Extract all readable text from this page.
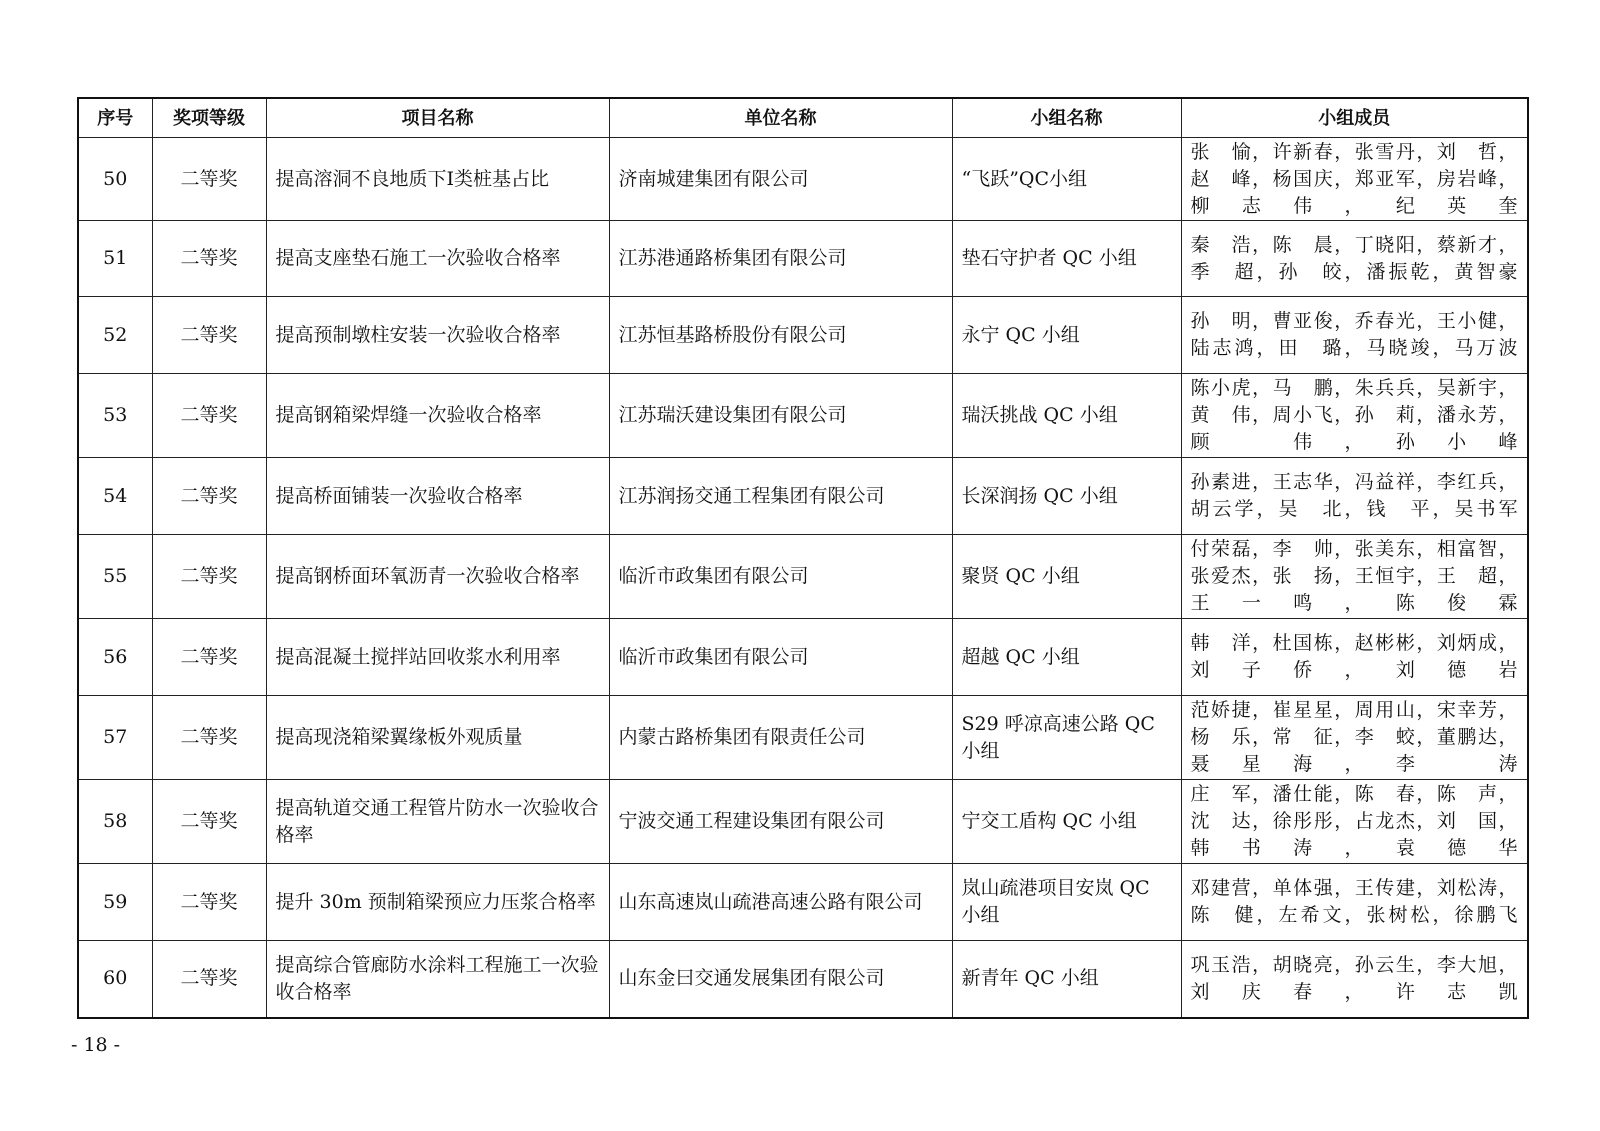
序号	奖项等级	项目名称	单位名称	小组名称	小组成员
50	二等奖	提高溶洞不良地质下I类桩基占比	济南城建集团有限公司	“飞跃”QC小组	张　愉，许新春，张雪丹，刘　哲，
赵　峰，杨国庆，郑亚军，房岩峰，
柳志伟，纪英奎

51	二等奖	提高支座垫石施工一次验收合格率	江苏港通路桥集团有限公司	垫石守护者 QC 小组	秦　浩，陈　晨，丁晓阳，蔡新才，
季　超，孙　皎，潘振乾，黄智豪

52	二等奖	提高预制墩柱安装一次验收合格率	江苏恒基路桥股份有限公司	永宁 QC 小组	孙　明，曹亚俊，乔春光，王小健，
陆志鸿，田　璐，马晓竣，马万波

53	二等奖	提高钢箱梁焊缝一次验收合格率	江苏瑞沃建设集团有限公司	瑞沃挑战 QC 小组	陈小虎，马　鹏，朱兵兵，吴新宇，
黄　伟，周小飞，孙　莉，潘永芳，
顾　伟，孙小峰

54	二等奖	提高桥面铺装一次验收合格率	江苏润扬交通工程集团有限公司	长深润扬 QC 小组	孙素进，王志华，冯益祥，李红兵，
胡云学，吴　北，钱　平，吴书军

55	二等奖	提高钢桥面环氧沥青一次验收合格率	临沂市政集团有限公司	聚贤 QC 小组	付荣磊，李　帅，张美东，相富智，
张爱杰，张　扬，王恒宇，王　超，
王一鸣，陈俊霖

56	二等奖	提高混凝土搅拌站回收浆水利用率	临沂市政集团有限公司	超越 QC 小组	韩　洋，杜国栋，赵彬彬，刘炳成，
刘子侨，刘德岩

57	二等奖	提高现浇箱梁翼缘板外观质量	内蒙古路桥集团有限责任公司	S29 呼凉高速公路 QC 小组	范娇捷，崔星星，周用山，宋幸芳，
杨　乐，常　征，李　蛟，董鹏达，
聂星海，李　涛

58	二等奖	提高轨道交通工程管片防水一次验收合格率	宁波交通工程建设集团有限公司	宁交工盾构 QC 小组	庄　军，潘仕能，陈　春，陈　声，
沈　达，徐彤彤，占龙杰，刘　国，
韩书涛，袁德华

59	二等奖	提升 30m 预制箱梁预应力压浆合格率	山东高速岚山疏港高速公路有限公司	岚山疏港项目安岚 QC 小组	邓建营，单体强，王传建，刘松涛，
陈　健，左希文，张树松，徐鹏飞

60	二等奖	提高综合管廊防水涂料工程施工一次验收合格率	山东金曰交通发展集团有限公司	新青年 QC 小组	巩玉浩，胡晓亮，孙云生，李大旭，
刘庆春，许志凯
- 18 -
